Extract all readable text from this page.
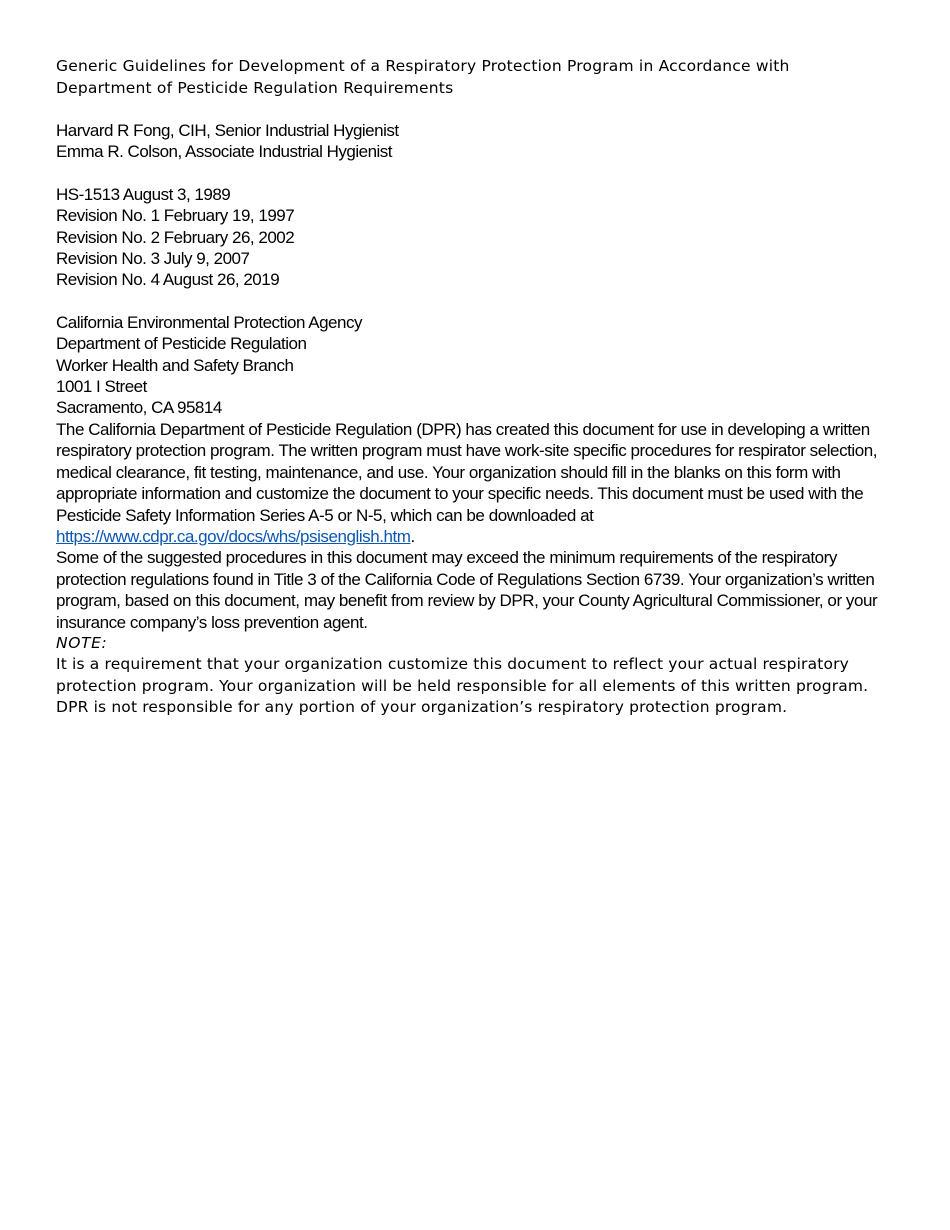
Generic Guidelines for Development of a Respiratory Protection Program in Accordance with
Department of Pesticide Regulation Requirements

Harvard R Fong, CIH, Senior Industrial Hygienist
Emma R. Colson, Associate Industrial Hygienist

HS-1513 August 3, 1989
Revision No. 1 February 19, 1997
Revision No. 2 February 26, 2002
Revision No. 3 July 9, 2007
Revision No. 4 August 26, 2019

California Environmental Protection Agency
Department of Pesticide Regulation
Worker Health and Safety Branch
1001 I Street
Sacramento, CA 95814

The California Department of Pesticide Regulation (DPR) has created this document for use in developing a written respiratory protection program. The written program must have work-site specific procedures for respirator selection, medical clearance, fit testing, maintenance, and use. Your organization should fill in the blanks on this form with appropriate information and customize the document to your specific needs. This document must be used with the Pesticide Safety Information Series A-5 or N-5, which can be downloaded at https://www.cdpr.ca.gov/docs/whs/psisenglish.htm.

Some of the suggested procedures in this document may exceed the minimum requirements of the respiratory protection regulations found in Title 3 of the California Code of Regulations Section 6739. Your organization’s written program, based on this document, may benefit from review by DPR, your County Agricultural Commissioner, or your insurance company’s loss prevention agent.

NOTE:

It is a requirement that your organization customize this document to reflect your actual respiratory protection program. Your organization will be held responsible for all elements of this written program. DPR is not responsible for any portion of your organization’s respiratory protection program.
